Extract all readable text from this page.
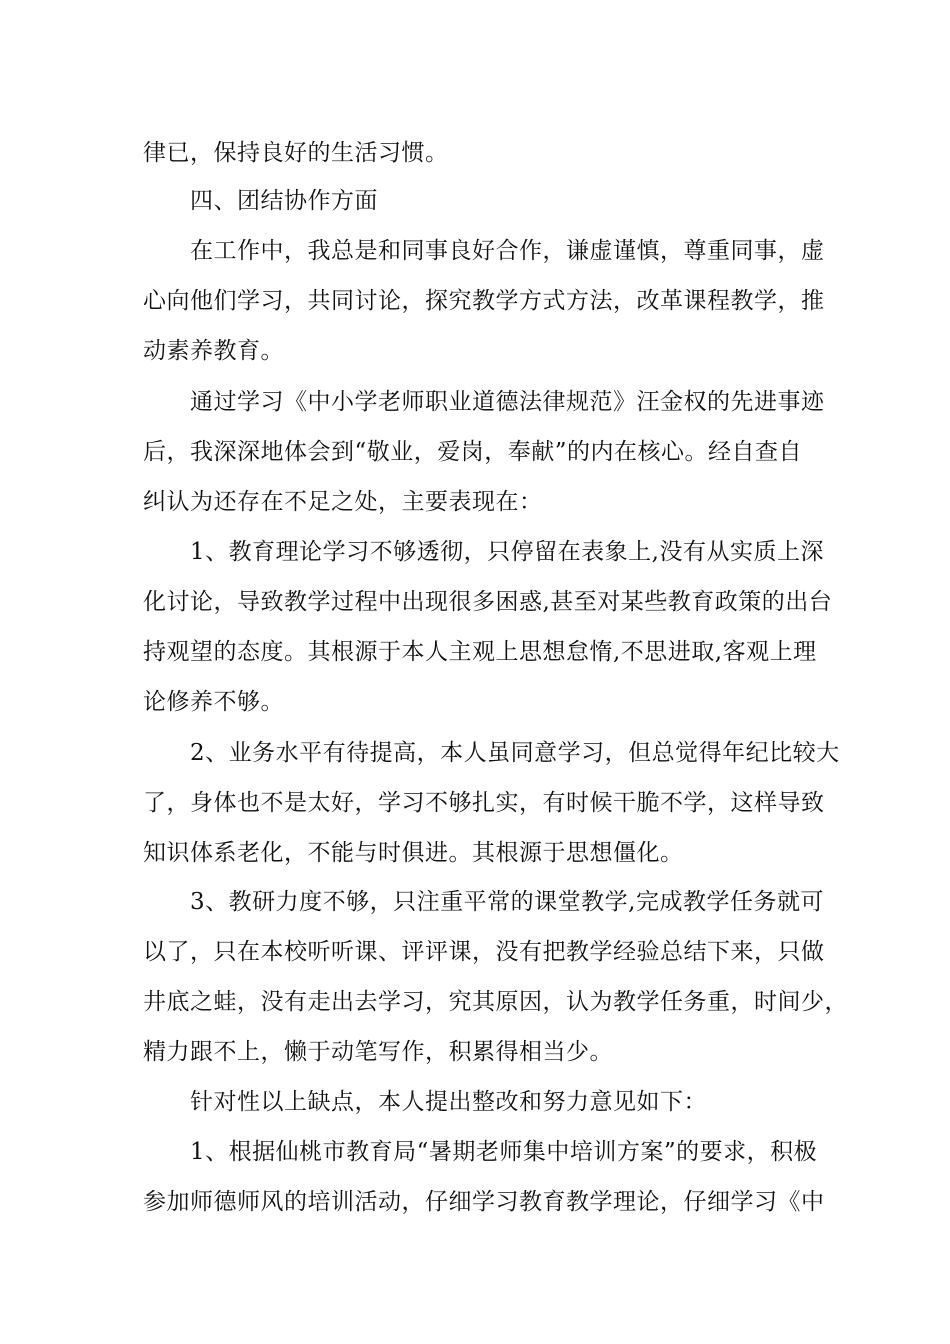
律已，保持良好的生活习惯。
四、团结协作方面
在工作中，我总是和同事良好合作，谦虚谨慎，尊重同事，虚
心向他们学习，共同讨论，探究教学方式方法，改革课程教学，推
动素养教育。
通过学习《中小学老师职业道德法律规范》汪金权的先进事迹
后，我深深地体会到“敬业，爱岗，奉献”的内在核心。经自查自
纠认为还存在不足之处，主要表现在：
1、教育理论学习不够透彻，只停留在表象上,没有从实质上深
化讨论，导致教学过程中出现很多困惑,甚至对某些教育政策的出台
持观望的态度。其根源于本人主观上思想怠惰,不思进取,客观上理
论修养不够。
2、业务水平有待提高，本人虽同意学习，但总觉得年纪比较大
了，身体也不是太好，学习不够扎实，有时候干脆不学，这样导致
知识体系老化，不能与时俱进。其根源于思想僵化。
3、教研力度不够，只注重平常的课堂教学,完成教学任务就可
以了，只在本校听听课、评评课，没有把教学经验总结下来，只做
井底之蛙，没有走出去学习，究其原因，认为教学任务重，时间少，
精力跟不上，懒于动笔写作，积累得相当少。
针对性以上缺点，本人提出整改和努力意见如下：
1、根据仙桃市教育局“暑期老师集中培训方案”的要求，积极
参加师德师风的培训活动，仔细学习教育教学理论，仔细学习《中
